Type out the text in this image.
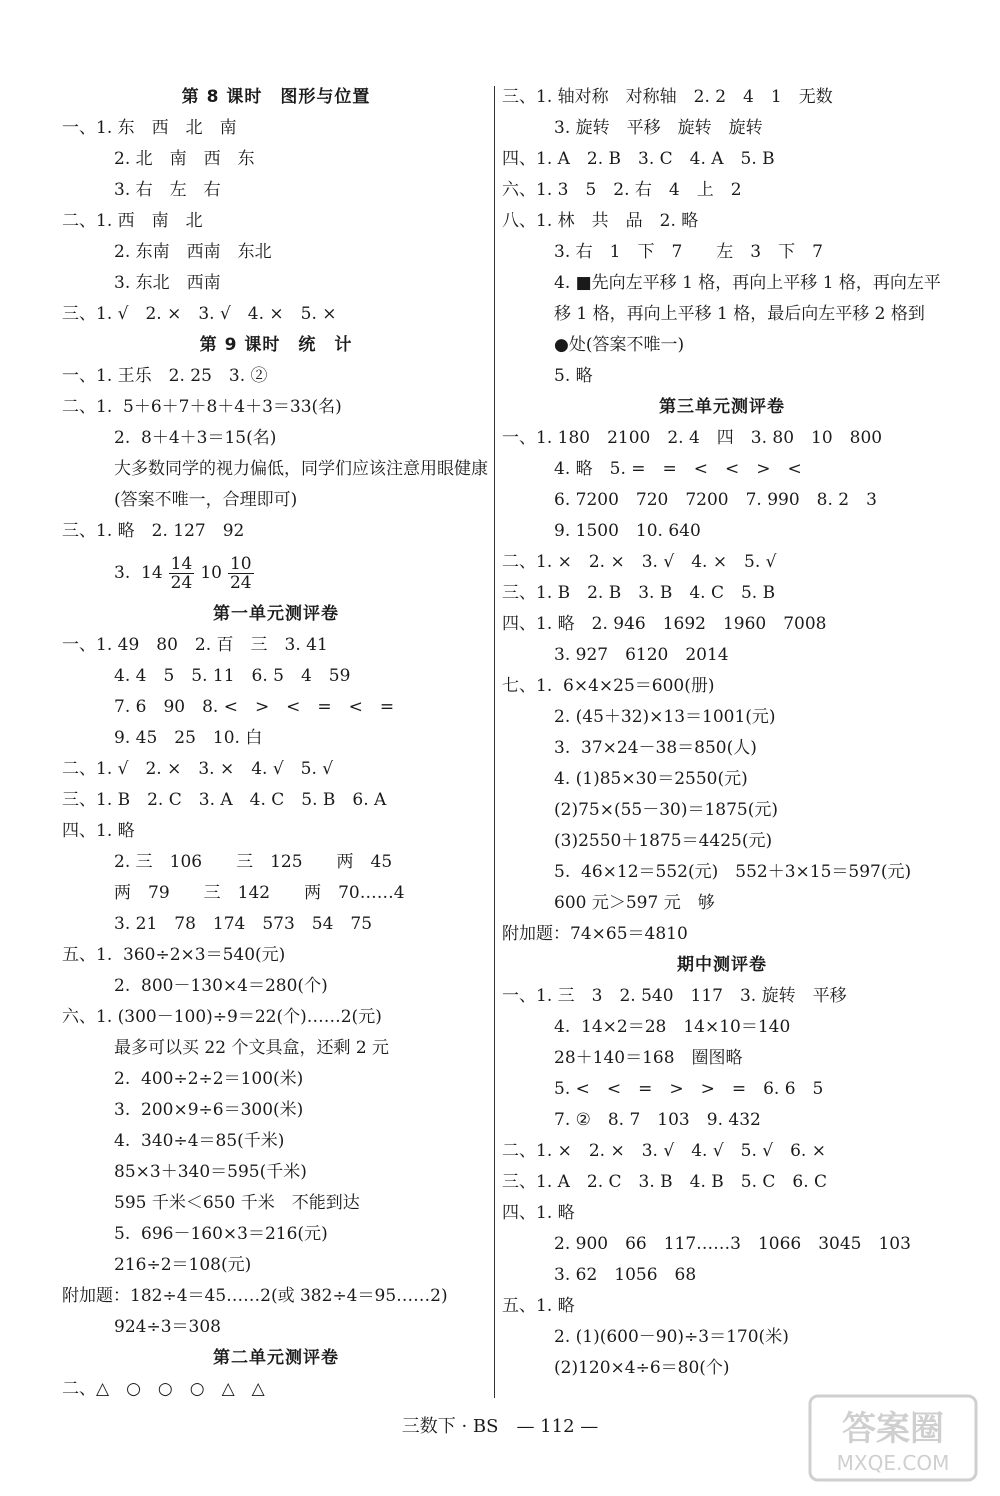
第 8 课时　图形与位置
一、1. 东　西　北　南
2. 北　南　西　东
3. 右　左　右
二、1. 西　南　北
2. 东南　西南　东北
3. 东北　西南
三、1. √　2. ×　3. √　4. ×　5. ×
第 9 课时　统　计
一、1. 王乐　2. 25　3. ②
二、1.  5＋6＋7＋8＋4＋3＝33(名)
2.  8＋4＋3＝15(名)
大多数同学的视力偏低，同学们应该注意用眼健康(答案不唯一，合理即可)
三、1. 略　2. 127　92
3.  $14 \frac{14}{24} 10 \frac{10}{24}$
第一单元测评卷
一、1. 49　80　2. 百　三　3. 41
4. 4　5　5. 11　6. 5　4　59
7. 6　90　8. <　>　<　=　<　=
9. 45　25　10. 白
二、1. √　2. ×　3. ×　4. √　5. √
三、1. B　2. C　3. A　4. C　5. B　6. A
四、1. 略
2. 三　106　　三　125　　两　45
两　79　　三　142　　两　70……4
3. 21　78　174　573　54　75
五、1.  360÷2×3＝540(元)
2.  800－130×4＝280(个)
六、1. (300－100)÷9＝22(个)……2(元)
最多可以买 22 个文具盒，还剩 2 元
2.  400÷2÷2＝100(米)
3.  200×9÷6＝300(米)
4.  340÷4＝85(千米)
85×3＋340＝595(千米)
595 千米＜650 千米　不能到达
5.  696－160×3＝216(元)
216÷2＝108(元)
附加题：182÷4＝45……2(或 382÷4＝95……2)
924÷3＝308
第二单元测评卷
二、△　○　○　○　△　△
三、1. 轴对称　对称轴　2. 2　4　1　无数
3. 旋转　平移　旋转　旋转
四、1. A　2. B　3. C　4. A　5. B
六、1. 3　5　2. 右　4　上　2
八、1. 林　共　品　2. 略
3. 右　1　下　7　　左　3　下　7
4. ■先向左平移 1 格，再向上平移 1 格，再向左平
移 1 格，再向上平移 1 格，最后向左平移 2 格到
●处(答案不唯一)
5. 略
第三单元测评卷
一、1. 180　2100　2. 4　四　3. 80　10　800
4. 略　5. =　=　<　<　>　<
6. 7200　720　7200　7. 990　8. 2　3
9. 1500　10. 640
二、1. ×　2. ×　3. √　4. ×　5. √
三、1. B　2. B　3. B　4. C　5. B
四、1. 略　2. 946　1692　1960　7008
3. 927　6120　2014
七、1.  6×4×25＝600(册)
2. (45＋32)×13＝1001(元)
3.  37×24－38＝850(人)
4. (1)85×30＝2550(元)
(2)75×(55－30)＝1875(元)
(3)2550＋1875＝4425(元)
5.  46×12＝552(元)　552＋3×15＝597(元)
600 元＞597 元　够
附加题：74×65＝4810
期中测评卷
一、1. 三　3　2. 540　117　3. 旋转　平移
4.  14×2＝28　14×10＝140
28＋140＝168　圈图略
5. <　<　=　>　>　=　6. 6　5
7. ②　8. 7　103　9. 432
二、1. ×　2. ×　3. √　4. √　5. √　6. ×
三、1. A　2. C　3. B　4. B　5. C　6. C
四、1. 略
2. 900　66　117……3　1066　3045　103
3. 62　1056　68
五、1. 略
2. (1)(600－90)÷3＝170(米)
(2)120×4÷6＝80(个)
三数下 · BS　— 112 —	答案圈
MXQE.COM
